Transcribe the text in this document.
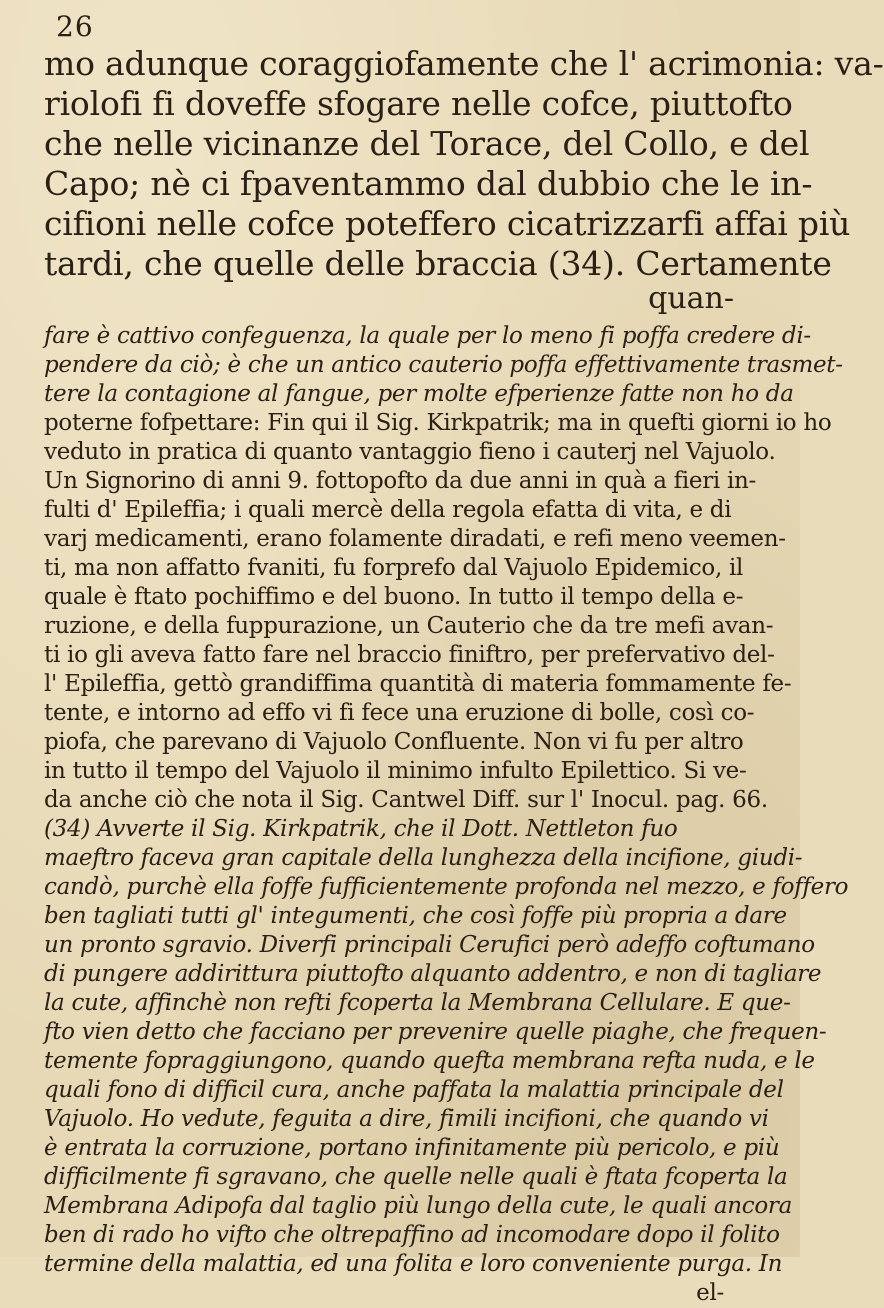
26
mo adunque coraggiofamente che l' acrimonia: va-
riolofi fi doveffe sfogare nelle cofce, piuttofto
che nelle vicinanze del Torace, del Collo, e del
Capo; nè ci fpaventammo dal dubbio che le in-
cifioni nelle cofce poteffero cicatrizzarfi affai più
tardi, che quelle delle braccia (34). Certamente
quan-
fare è cattivo confeguenza, la quale per lo meno fi poffa credere di-
pendere da ciò; è che un antico cauterio poffa effettivamente trasmet-
tere la contagione al fangue, per molte efperienze fatte non ho da
poterne fofpettare: Fin qui il Sig. Kirkpatrik; ma in quefti giorni io ho
veduto in pratica di quanto vantaggio fieno i cauterj nel Vajuolo.
Un Signorino di anni 9. fottopofto da due anni in quà a fieri in-
fulti d' Epileffia; i quali mercè della regola efatta di vita, e di
varj medicamenti, erano folamente diradati, e refi meno veemen-
ti, ma non affatto fvaniti, fu forprefo dal Vajuolo Epidemico, il
quale è ftato pochiffimo e del buono. In tutto il tempo della e-
ruzione, e della fuppurazione, un Cauterio che da tre mefi avan-
ti io gli aveva fatto fare nel braccio finiftro, per prefervativo del-
l' Epileffia, gettò grandiffima quantità di materia fommamente fe-
tente, e intorno ad effo vi fi fece una eruzione di bolle, così co-
piofa, che parevano di Vajuolo Confluente. Non vi fu per altro
in tutto il tempo del Vajuolo il minimo infulto Epilettico. Si ve-
da anche ciò che nota il Sig. Cantwel Diff. sur l' Inocul. pag. 66.
(34) Avverte il Sig. Kirkpatrik, che il Dott. Nettleton fuo
maeftro faceva gran capitale della lunghezza della incifione, giudi-
candò, purchè ella foffe fufficientemente profonda nel mezzo, e foffero
ben tagliati tutti gl' integumenti, che così foffe più propria a dare
un pronto sgravio. Diverfi principali Cerufici però adeffo coftumano
di pungere addirittura piuttofto alquanto addentro, e non di tagliare
la cute, affinchè non refti fcoperta la Membrana Cellulare. E que-
fto vien detto che facciano per prevenire quelle piaghe, che frequen-
temente fopraggiungono, quando quefta membrana refta nuda, e le
quali fono di difficil cura, anche paffata la malattia principale del
Vajuolo. Ho vedute, feguita a dire, fimili incifioni, che quando vi
è entrata la corruzione, portano infinitamente più pericolo, e più
difficilmente fi sgravano, che quelle nelle quali è ftata fcoperta la
Membrana Adipofa dal taglio più lungo della cute, le quali ancora
ben di rado ho vifto che oltrepaffino ad incomodare dopo il folito
termine della malattia, ed una folita e loro conveniente purga. In
el-
